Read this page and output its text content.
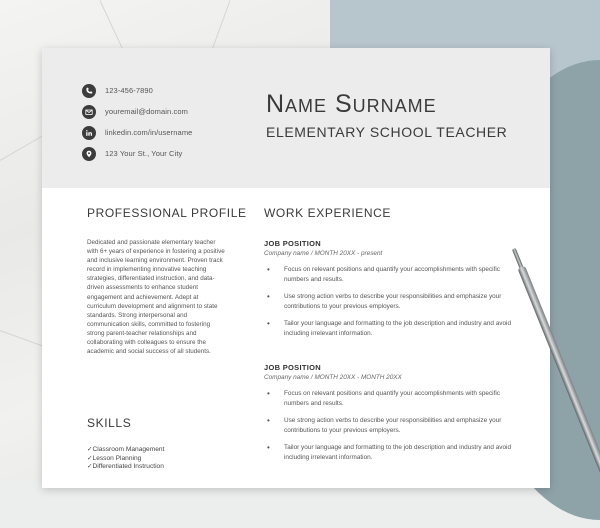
123-456-7890
youremail@domain.com
linkedin.com/in/username
123 Your St., Your City
Name Surname
ELEMENTARY SCHOOL TEACHER
PROFESSIONAL PROFILE
Dedicated and passionate elementary teacher with 6+ years of experience in fostering a positive and inclusive learning environment. Proven track record in implementing innovative teaching strategies, differentiated instruction, and data-driven assessments to enhance student engagement and achievement. Adept at curriculum development and alignment to state standards. Strong interpersonal and communication skills, committed to fostering strong parent-teacher relationships and collaborating with colleagues to ensure the academic and social success of all students.
SKILLS
✓ Classroom Management
✓ Lesson Planning
✓ Differentiated Instruction
WORK EXPERIENCE
JOB POSITION
Company name / MONTH 20XX - present
• Focus on relevant positions and quantify your accomplishments with specific numbers and results.
• Use strong action verbs to describe your responsibilities and emphasize your contributions to your previous employers.
• Tailor your language and formatting to the job description and industry and avoid including irrelevant information.
JOB POSITION
Company name / MONTH 20XX - MONTH 20XX
• Focus on relevant positions and quantify your accomplishments with specific numbers and results.
• Use strong action verbs to describe your responsibilities and emphasize your contributions to your previous employers.
• Tailor your language and formatting to the job description and industry and avoid including irrelevant information.
